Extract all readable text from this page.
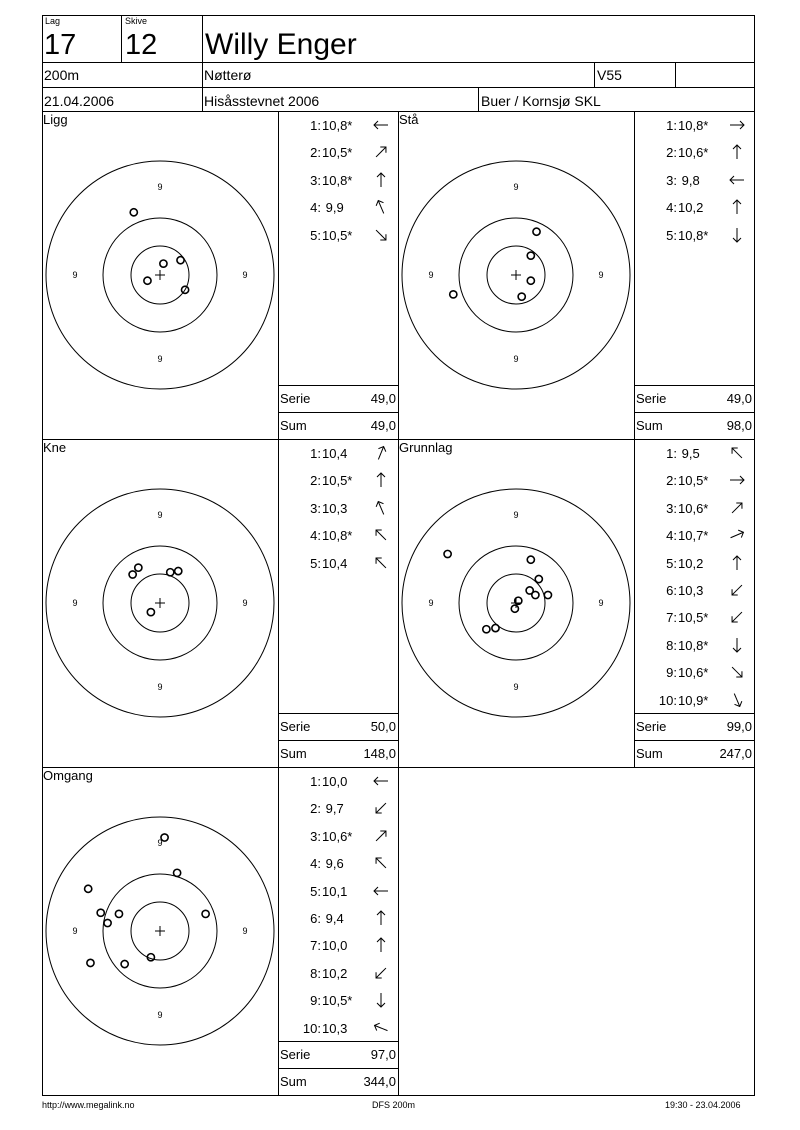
Lag
17
Skive
12 Willy Enger
200m	Nøtterø	V55
21.04.2006	Hisåsstevnet 2006	Buer / Kornsjø SKL
Ligg
9
9
9	9
1: 10,8*
2: 10,5*
3: 10,8*
4: 9,9
5: 10,5*
Serie	49,0
Sum	49,0
Stå
9
9
9	9
1: 10,8*
2: 10,6*
3: 9,8
4: 10,2
5: 10,8*
Serie	49,0
Sum	98,0
Kne
9
9
9	9
1: 10,4
2: 10,5*
3: 10,3
4: 10,8*
5: 10,4
Serie	50,0
Sum	148,0
Grunnlag
9
9
9	9
1: 9,5
2: 10,5*
3: 10,6*
4: 10,7*
5: 10,2
6: 10,3
7: 10,5*
8: 10,8*
9: 10,6*
10: 10,9*
Serie	99,0
Sum	247,0
Omgang
9
9
9	9
1: 10,0
2: 9,7
3: 10,6*
4: 9,6
5: 10,1
6: 9,4
7: 10,0
8: 10,2
9: 10,5*
10: 10,3
Serie	97,0
Sum	344,0
http://www.megalink.no	DFS 200m	19:30 - 23.04.2006
